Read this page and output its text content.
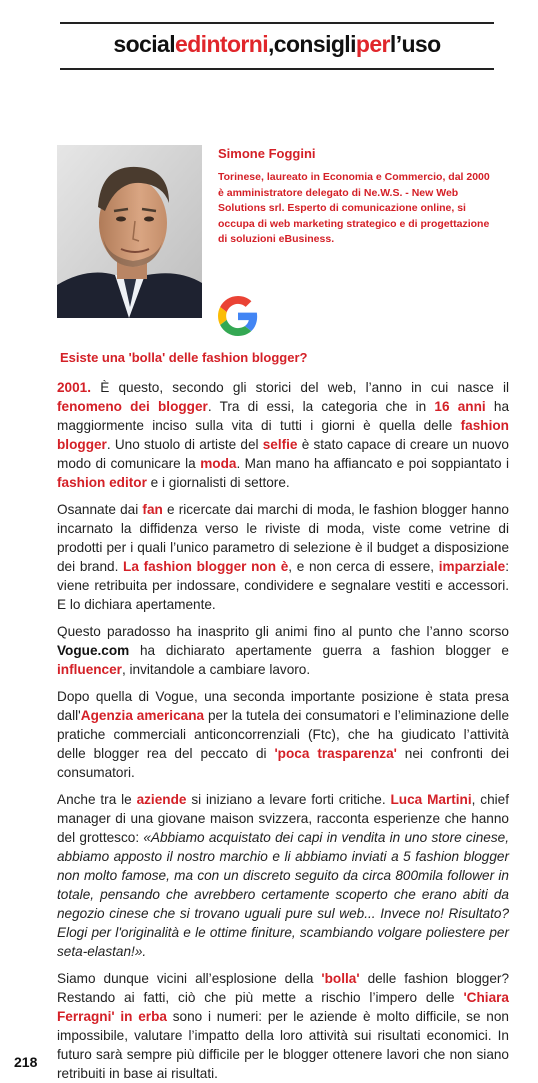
socialedintorni,consigliperl’uso
Simone Foggini
Torinese, laureato in Economia e Commercio, dal 2000 è amministratore delegato di Ne.W.S. - New Web Solutions srl. Esperto di comunicazione online, si occupa di web marketing strategico e di progettazione di soluzioni eBusiness.
Esiste una 'bolla' delle fashion blogger?

2001. È questo, secondo gli storici del web, l’anno in cui nasce il fenomeno dei blogger. Tra di essi, la categoria che in 16 anni ha maggiormente inciso sulla vita di tutti i giorni è quella delle fashion blogger. Uno stuolo di artiste del selfie è stato capace di creare un nuovo modo di comunicare la moda. Man mano ha affiancato e poi soppiantato i fashion editor e i giornalisti di settore.

Osannate dai fan e ricercate dai marchi di moda, le fashion blogger hanno incarnato la diffidenza verso le riviste di moda, viste come vetrine di prodotti per i quali l’unico parametro di selezione è il budget a disposizione dei brand. La fashion blogger non è, e non cerca di essere, imparziale: viene retribuita per indossare, condividere e segnalare vestiti e accessori. E lo dichiara apertamente.

Questo paradosso ha inasprito gli animi fino al punto che l’anno scorso Vogue.com ha dichiarato apertamente guerra a fashion blogger e influencer, invitandole a cambiare lavoro.

Dopo quella di Vogue, una seconda importante posizione è stata presa dall'Agenzia americana per la tutela dei consumatori e l’eliminazione delle pratiche commerciali anticoncorrenziali (Ftc), che ha giudicato l’attività delle blogger rea del peccato di 'poca trasparenza' nei confronti dei consumatori.

Anche tra le aziende si iniziano a levare forti critiche. Luca Martini, chief manager di una giovane maison svizzera, racconta esperienze che hanno del grottesco: «Abbiamo acquistato dei capi in vendita in uno store cinese, abbiamo apposto il nostro marchio e li abbiamo inviati a 5 fashion blogger non molto famose, ma con un discreto seguito da circa 800mila follower in totale, pensando che avrebbero certamente scoperto che erano abiti da negozio cinese che si trovano uguali pure sul web... Invece no! Risultato? Elogi per l'originalità e le ottime finiture, scambiando volgare poliestere per seta-elastan!».

Siamo dunque vicini all’esplosione della 'bolla' delle fashion blogger? Restando ai fatti, ciò che più mette a rischio l’impero delle 'Chiara Ferragni' in erba sono i numeri: per le aziende è molto difficile, se non impossibile, valutare l’impatto della loro attività sui risultati economici. In futuro sarà sempre più difficile per le blogger ottenere lavori che non siano retribuiti in base ai risultati.

218
